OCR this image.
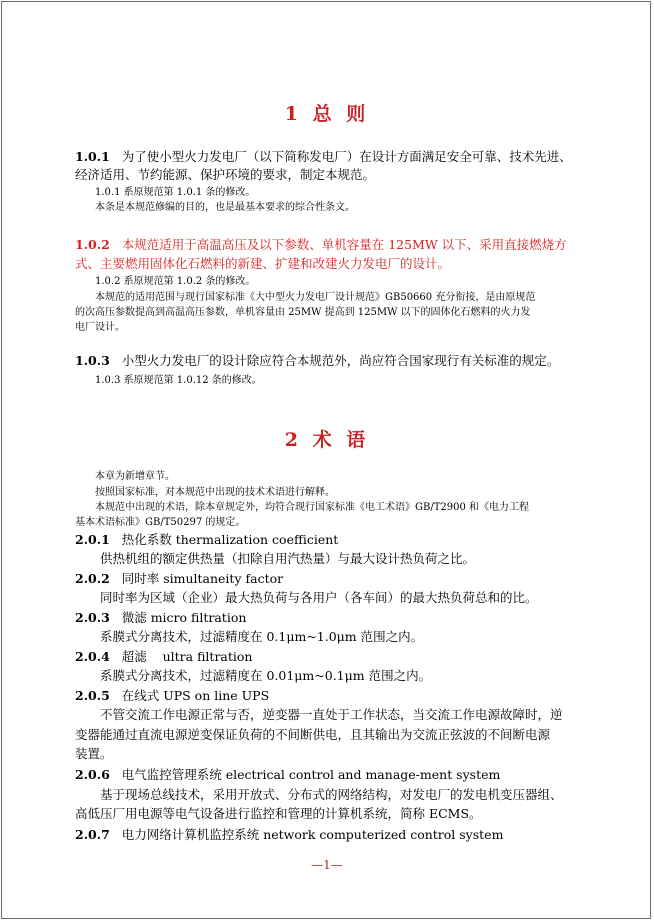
1 总 则
1.0.1 为了使小型火力发电厂（以下简称发电厂）在设计方面满足安全可靠、技术先进、
经济适用、节约能源、保护环境的要求，制定本规范。
1.0.1 系原规范第 1.0.1 条的修改。
本条是本规范修编的目的，也是最基本要求的综合性条文。
1.0.2 本规范适用于高温高压及以下参数、单机容量在 125MW 以下、采用直接燃烧方
式、主要燃用固体化石燃料的新建、扩建和改建火力发电厂的设计。
1.0.2 系原规范第 1.0.2 条的修改。
本规范的适用范围与现行国家标准《大中型火力发电厂设计规范》GB50660 充分衔接，是由原规范
的次高压参数提高到高温高压参数，单机容量由 25MW 提高到 125MW 以下的固体化石燃料的火力发
电厂设计。
1.0.3 小型火力发电厂的设计除应符合本规范外，尚应符合国家现行有关标准的规定。
1.0.3 系原规范第 1.0.12 条的修改。
2 术 语
本章为新增章节。
按照国家标准，对本规范中出现的技术术语进行解释。
本规范中出现的术语，除本章规定外，均符合现行国家标准《电工术语》GB/T2900 和《电力工程
基本术语标准》GB/T50297 的规定。
2.0.1 热化系数 thermalization coefficient
供热机组的额定供热量（扣除自用汽热量）与最大设计热负荷之比。
2.0.2 同时率 simultaneity factor
同时率为区域（企业）最大热负荷与各用户（各车间）的最大热负荷总和的比。
2.0.3 微滤 micro filtration
系膜式分离技术，过滤精度在 0.1μm~1.0μm 范围之内。
2.0.4 超滤    ultra filtration
系膜式分离技术，过滤精度在 0.01μm~0.1μm 范围之内。
2.0.5 在线式 UPS on line UPS
不管交流工作电源正常与否，逆变器一直处于工作状态，当交流工作电源故障时，逆
变器能通过直流电源逆变保证负荷的不间断供电，且其输出为交流正弦波的不间断电源
装置。
2.0.6 电气监控管理系统 electrical control and manage-ment system
基于现场总线技术，采用开放式、分布式的网络结构，对发电厂的发电机变压器组、
高低压厂用电源等电气设备进行监控和管理的计算机系统，简称 ECMS。
2.0.7 电力网络计算机监控系统 network computerized control system
—1—
